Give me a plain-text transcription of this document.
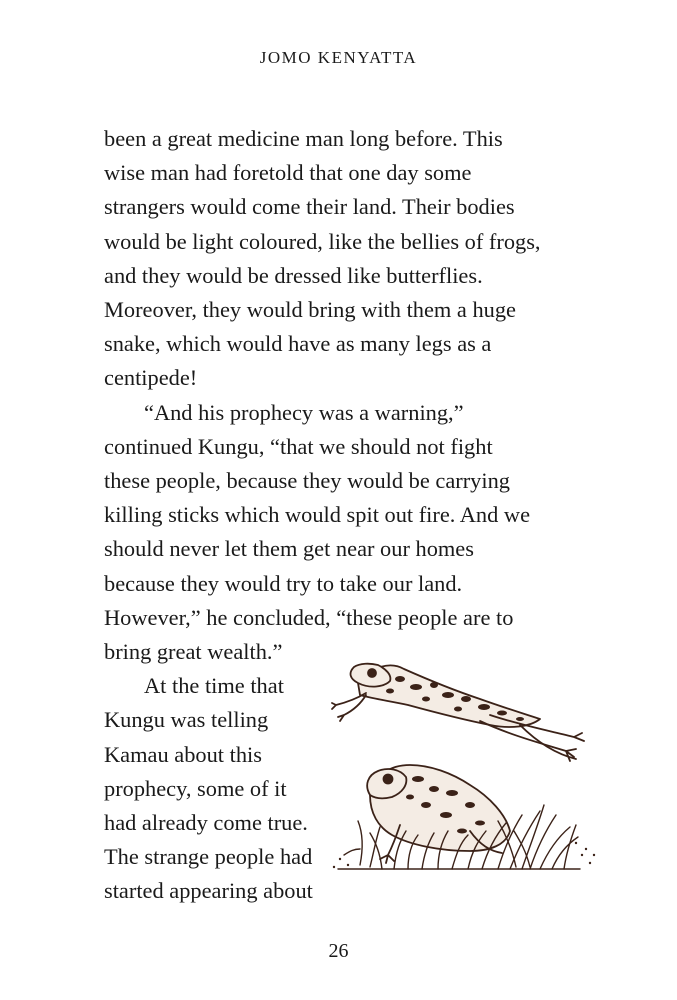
JOMO KENYATTA
been a great medicine man long before. This
wise man had foretold that one day some
strangers would come their land. Their bodies
would be light coloured, like the bellies of frogs,
and they would be dressed like butterflies.
Moreover, they would bring with them a huge
snake, which would have as many legs as a
centipede!
“And his prophecy was a warning,”
continued Kungu, “that we should not fight
these people, because they would be carrying
killing sticks which would spit out fire. And we
should never let them get near our homes
because they would try to take our land.
However,” he concluded, “these people are to
bring great wealth.”
At the time that
Kungu was telling
Kamau about this
prophecy, some of it
had already come true.
The strange people had
started appearing about
26
